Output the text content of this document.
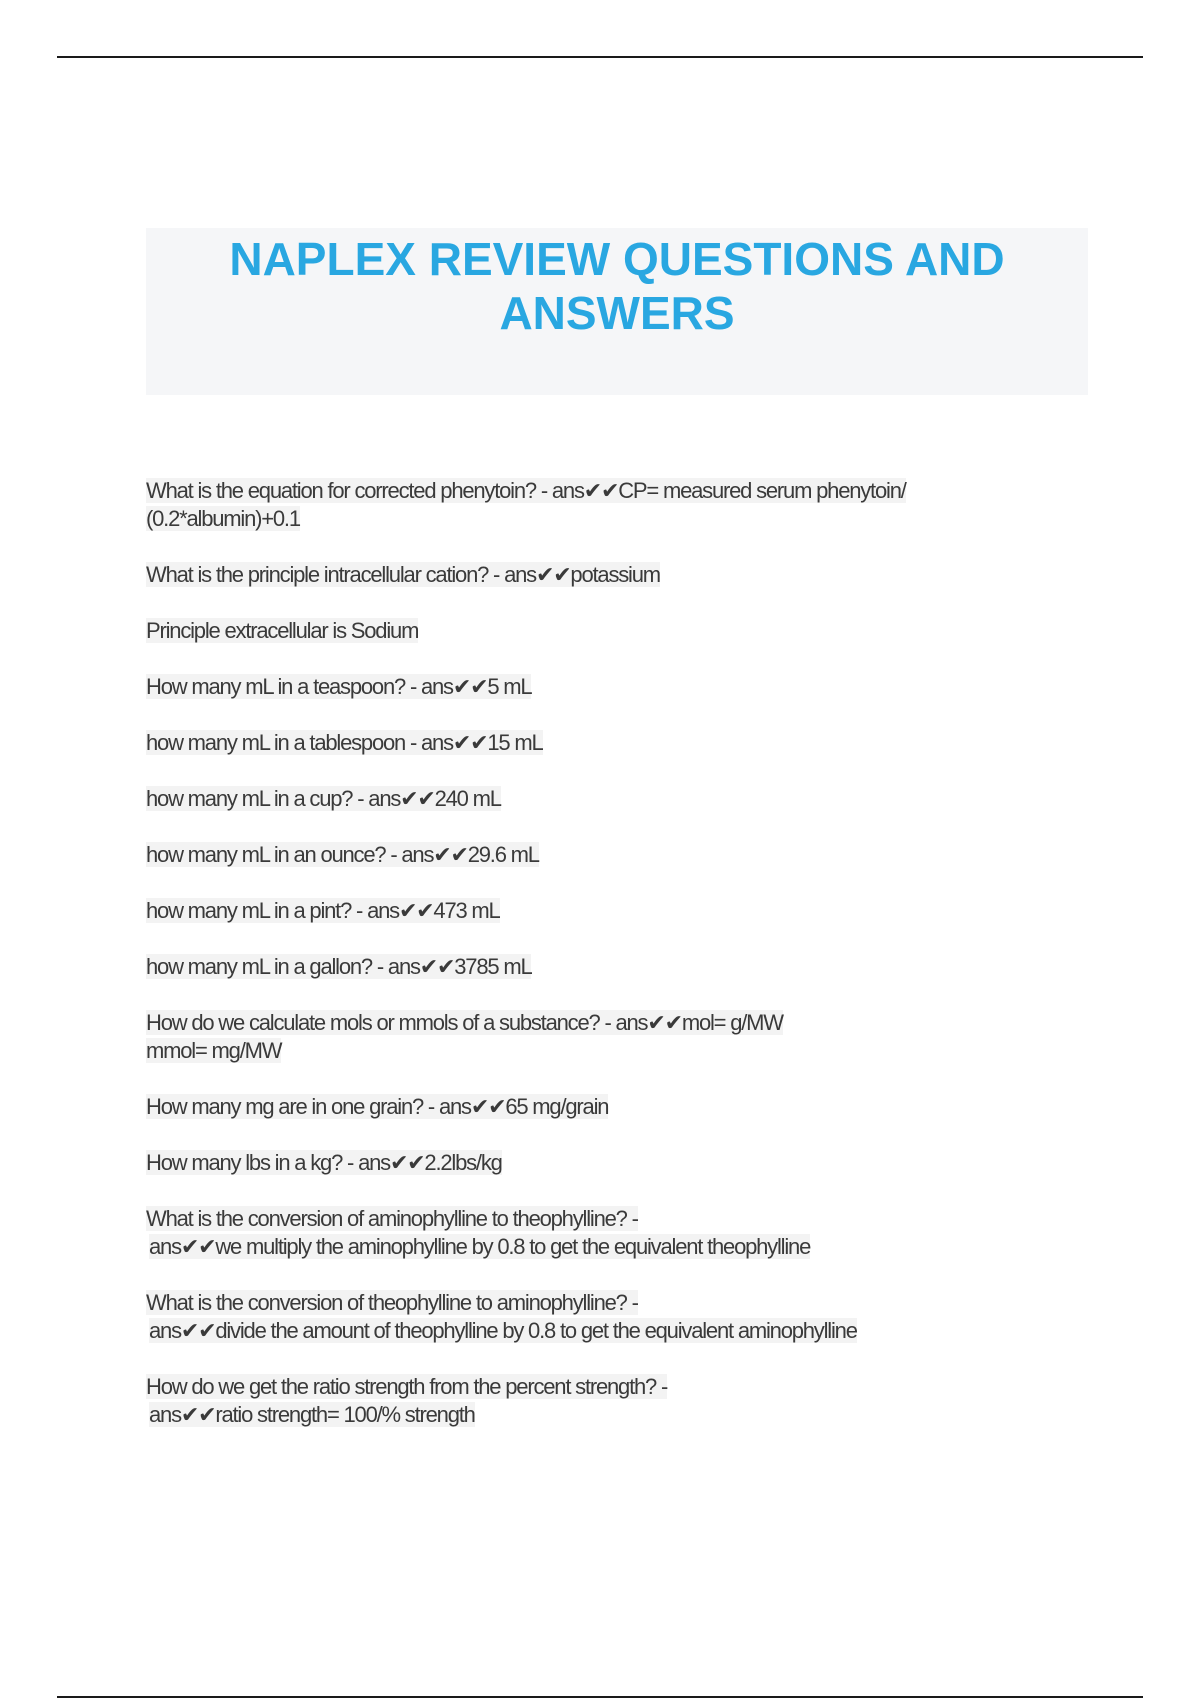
NAPLEX REVIEW QUESTIONS AND
ANSWERS

What is the equation for corrected phenytoin? - ans✔✔CP= measured serum phenytoin/
(0.2*albumin)+0.1

What is the principle intracellular cation? - ans✔✔potassium

Principle extracellular is Sodium

How many mL in a teaspoon? - ans✔✔5 mL

how many mL in a tablespoon - ans✔✔15 mL

how many mL in a cup? - ans✔✔240 mL

how many mL in an ounce? - ans✔✔29.6 mL

how many mL in a pint? - ans✔✔473 mL

how many mL in a gallon? - ans✔✔3785 mL

How do we calculate mols or mmols of a substance? - ans✔✔mol= g/MW
mmol= mg/MW

How many mg are in one grain? - ans✔✔65 mg/grain

How many lbs in a kg? - ans✔✔2.2lbs/kg

What is the conversion of aminophylline to theophylline? -
ans✔✔we multiply the aminophylline by 0.8 to get the equivalent theophylline

What is the conversion of theophylline to aminophylline? -
ans✔✔divide the amount of theophylline by 0.8 to get the equivalent aminophylline

How do we get the ratio strength from the percent strength? -
ans✔✔ratio strength= 100/% strength
